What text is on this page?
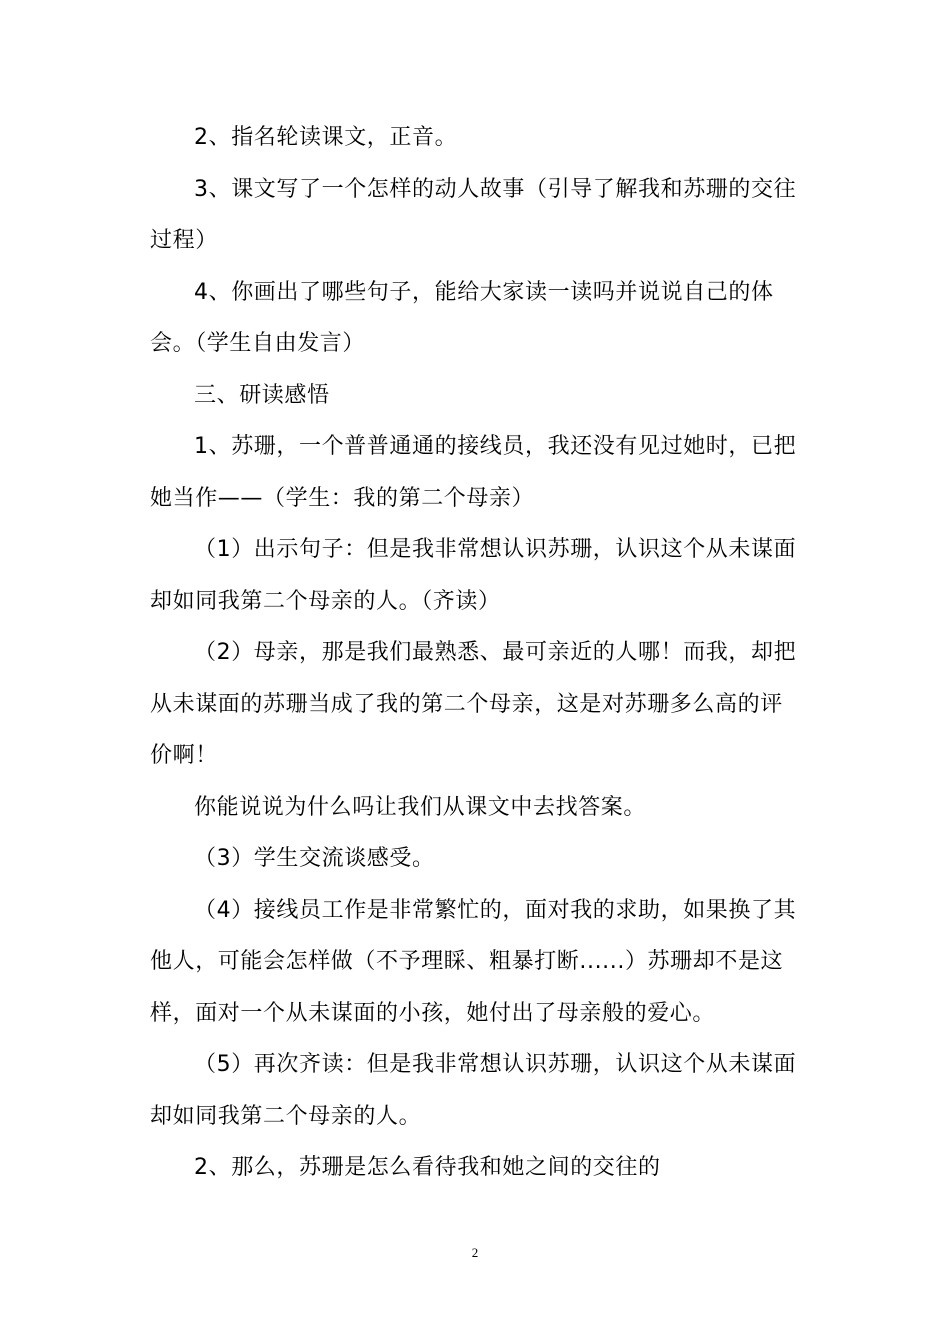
2、指名轮读课文，正音。

3、课文写了一个怎样的动人故事（引导了解我和苏珊的交往过程）

4、你画出了哪些句子，能给大家读一读吗并说说自己的体会。（学生自由发言）

三、研读感悟

1、苏珊，一个普普通通的接线员，我还没有见过她时，已把她当作——（学生：我的第二个母亲）

（1）出示句子：但是我非常想认识苏珊，认识这个从未谋面却如同我第二个母亲的人。（齐读）

（2）母亲，那是我们最熟悉、最可亲近的人哪！而我，却把从未谋面的苏珊当成了我的第二个母亲，这是对苏珊多么高的评价啊！

你能说说为什么吗让我们从课文中去找答案。

（3）学生交流谈感受。

（4）接线员工作是非常繁忙的，面对我的求助，如果换了其他人，可能会怎样做（不予理睬、粗暴打断......）苏珊却不是这样，面对一个从未谋面的小孩，她付出了母亲般的爱心。

（5）再次齐读：但是我非常想认识苏珊，认识这个从未谋面却如同我第二个母亲的人。

2、那么，苏珊是怎么看待我和她之间的交往的

2
